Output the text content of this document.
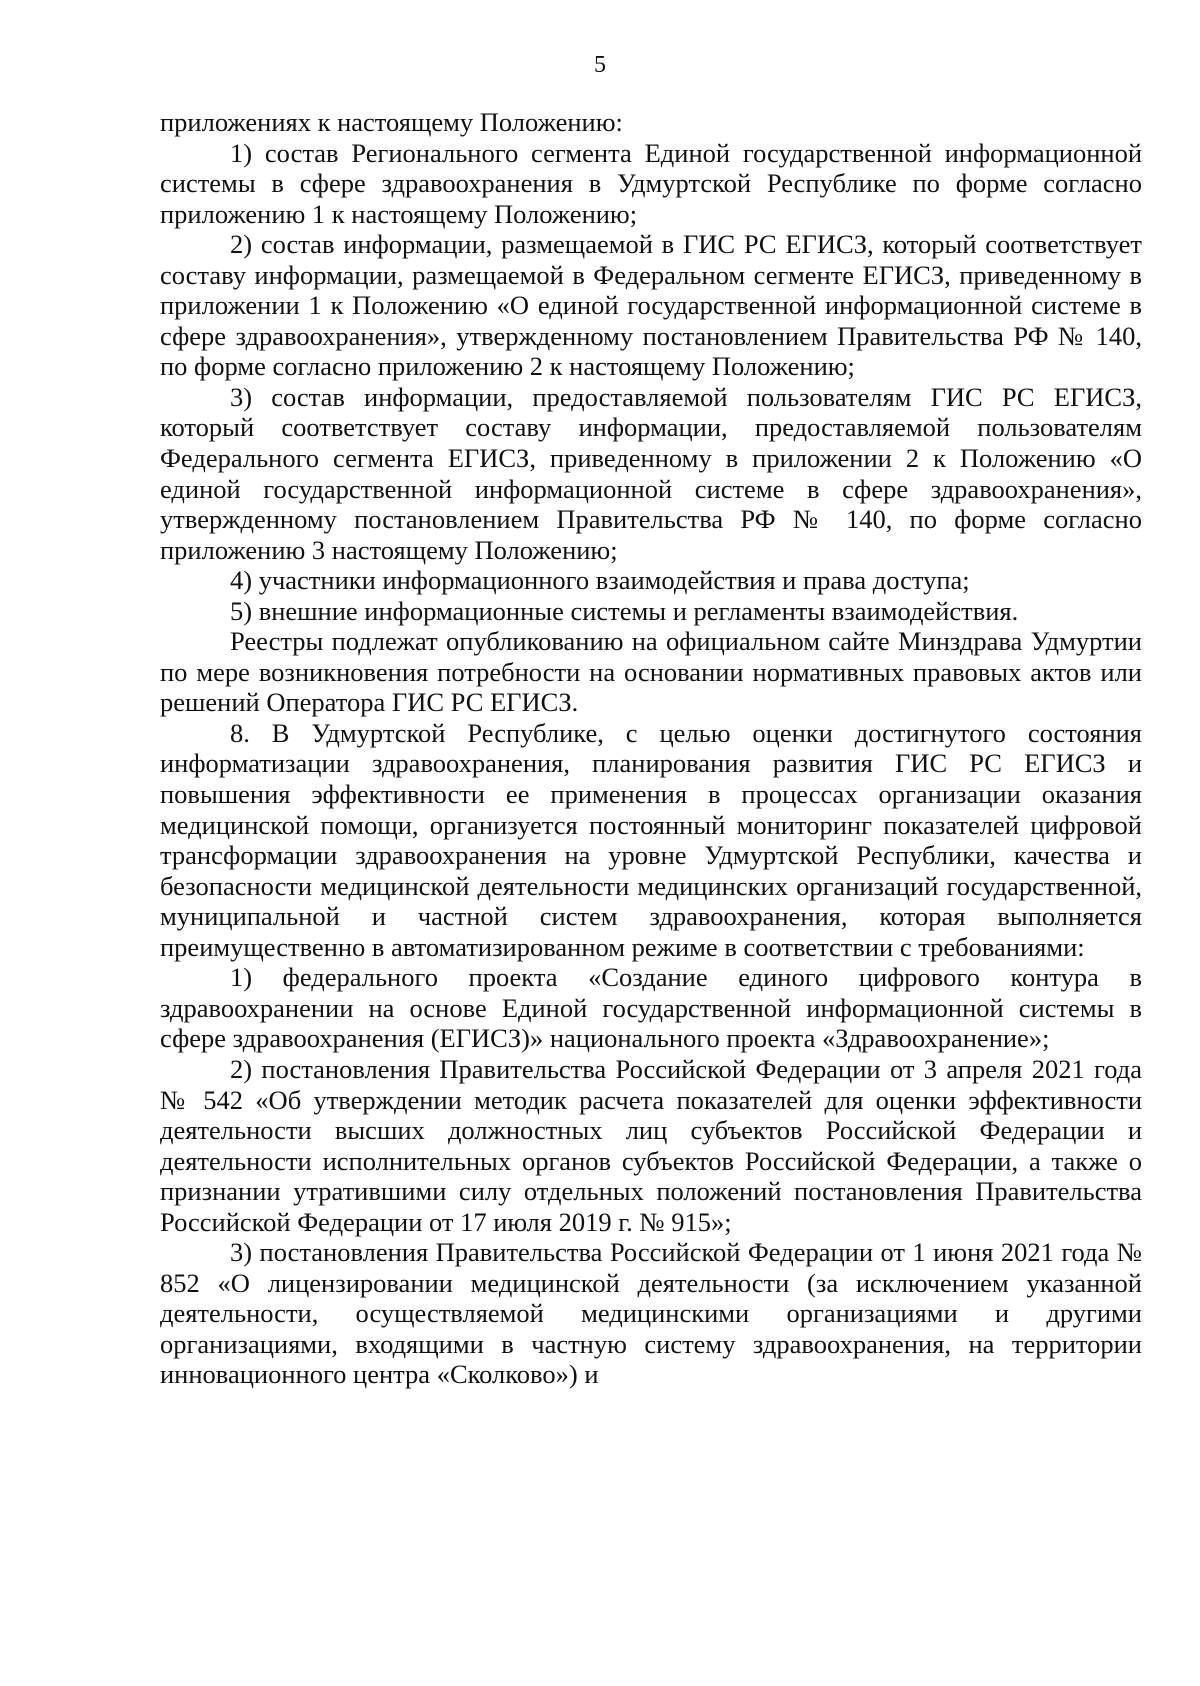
5

приложениях к настоящему Положению:

1) состав Регионального сегмента Единой государственной информационной системы в сфере здравоохранения в Удмуртской Республике по форме согласно приложению 1 к настоящему Положению;

2) состав информации, размещаемой в ГИС РС ЕГИСЗ, который соответствует составу информации, размещаемой в Федеральном сегменте ЕГИСЗ, приведенному в приложении 1 к Положению «О единой государственной информационной системе в сфере здравоохранения», утвержденному постановлением Правительства РФ № 140, по форме согласно приложению 2 к настоящему Положению;

3) состав информации, предоставляемой пользователям ГИС РС ЕГИСЗ, который соответствует составу информации, предоставляемой пользователям Федерального сегмента ЕГИСЗ, приведенному в приложении 2 к Положению «О единой государственной информационной системе в сфере здравоохранения», утвержденному постановлением Правительства РФ № 140, по форме согласно приложению 3 настоящему Положению;

4) участники информационного взаимодействия и права доступа;

5) внешние информационные системы и регламенты взаимодействия.

Реестры подлежат опубликованию на официальном сайте Минздрава Удмуртии по мере возникновения потребности на основании нормативных правовых актов или решений Оператора ГИС РС ЕГИСЗ.

8. В Удмуртской Республике, с целью оценки достигнутого состояния информатизации здравоохранения, планирования развития ГИС РС ЕГИСЗ и повышения эффективности ее применения в процессах организации оказания медицинской помощи, организуется постоянный мониторинг показателей цифровой трансформации здравоохранения на уровне Удмуртской Республики, качества и безопасности медицинской деятельности медицинских организаций государственной, муниципальной и частной систем здравоохранения, которая выполняется преимущественно в автоматизированном режиме в соответствии с требованиями:

1) федерального проекта «Создание единого цифрового контура в здравоохранении на основе Единой государственной информационной системы в сфере здравоохранения (ЕГИСЗ)» национального проекта «Здравоохранение»;

2) постановления Правительства Российской Федерации от 3 апреля 2021 года № 542 «Об утверждении методик расчета показателей для оценки эффективности деятельности высших должностных лиц субъектов Российской Федерации и деятельности исполнительных органов субъектов Российской Федерации, а также о признании утратившими силу отдельных положений постановления Правительства Российской Федерации от 17 июля 2019 г. № 915»;

3) постановления Правительства Российской Федерации от 1 июня 2021 года № 852 «О лицензировании медицинской деятельности (за исключением указанной деятельности, осуществляемой медицинскими организациями и другими организациями, входящими в частную систему здравоохранения, на территории инновационного центра «Сколково») и
